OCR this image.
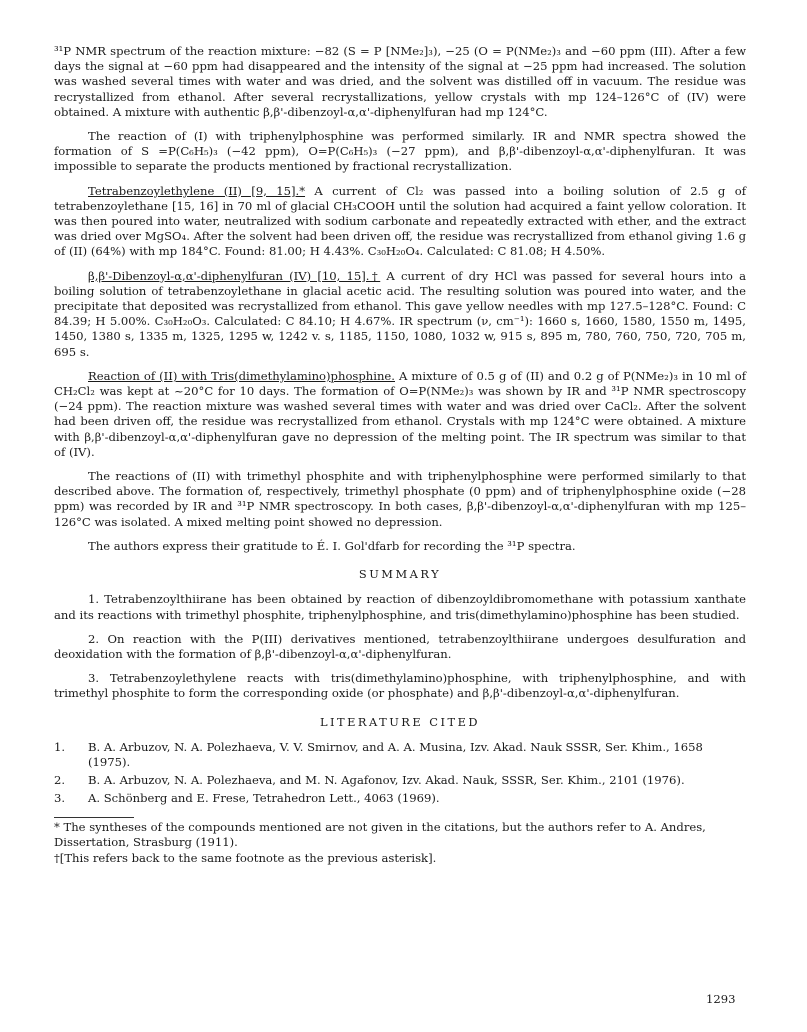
³¹P NMR spectrum of the reaction mixture: −82 (S = P [NMe₂]₃), −25 (O = P(NMe₂)₃ and −60 ppm (III). After a few days the signal at −60 ppm had disappeared and the intensity of the signal at −25 ppm had increased. The solution was washed several times with water and was dried, and the solvent was distilled off in vacuum. The residue was recrystallized from ethanol. After several recrystallizations, yellow crystals with mp 124–126°C of (IV) were obtained. A mixture with authentic β,β'-dibenzoyl-α,α'-diphenylfuran had mp 124°C.

The reaction of (I) with triphenylphosphine was performed similarly. IR and NMR spectra showed the formation of S =P(C₆H₅)₃ (−42 ppm), O=P(C₆H₅)₃ (−27 ppm), and β,β'-dibenzoyl-α,α'-diphenylfuran. It was impossible to separate the products mentioned by fractional recrystallization.

Tetrabenzoylethylene (II) [9, 15].* A current of Cl₂ was passed into a boiling solution of 2.5 g of tetrabenzoylethane [15, 16] in 70 ml of glacial CH₃COOH until the solution had acquired a faint yellow coloration. It was then poured into water, neutralized with sodium carbonate and repeatedly extracted with ether, and the extract was dried over MgSO₄. After the solvent had been driven off, the residue was recrystallized from ethanol giving 1.6 g of (II) (64%) with mp 184°C. Found: 81.00; H 4.43%. C₃₀H₂₀O₄. Calculated: C 81.08; H 4.50%.

β,β'-Dibenzoyl-α,α'-diphenylfuran (IV) [10, 15].† A current of dry HCl was passed for several hours into a boiling solution of tetrabenzoylethane in glacial acetic acid. The resulting solution was poured into water, and the precipitate that deposited was recrystallized from ethanol. This gave yellow needles with mp 127.5–128°C. Found: C 84.39; H 5.00%. C₃₀H₂₀O₃. Calculated: C 84.10; H 4.67%. IR spectrum (ν, cm⁻¹): 1660 s, 1660, 1580, 1550 m, 1495, 1450, 1380 s, 1335 m, 1325, 1295 w, 1242 v. s, 1185, 1150, 1080, 1032 w, 915 s, 895 m, 780, 760, 750, 720, 705 m, 695 s.

Reaction of (II) with Tris(dimethylamino)phosphine. A mixture of 0.5 g of (II) and 0.2 g of P(NMe₂)₃ in 10 ml of CH₂Cl₂ was kept at ~20°C for 10 days. The formation of O=P(NMe₂)₃ was shown by IR and ³¹P NMR spectroscopy (−24 ppm). The reaction mixture was washed several times with water and was dried over CaCl₂. After the solvent had been driven off, the residue was recrystallized from ethanol. Crystals with mp 124°C were obtained. A mixture with β,β'-dibenzoyl-α,α'-diphenylfuran gave no depression of the melting point. The IR spectrum was similar to that of (IV).

The reactions of (II) with trimethyl phosphite and with triphenylphosphine were performed similarly to that described above. The formation of, respectively, trimethyl phosphate (0 ppm) and of triphenylphosphine oxide (−28 ppm) was recorded by IR and ³¹P NMR spectroscopy. In both cases, β,β'-dibenzoyl-α,α'-diphenylfuran with mp 125–126°C was isolated. A mixed melting point showed no depression.

The authors express their gratitude to É. I. Gol'dfarb for recording the ³¹P spectra.

SUMMARY

1. Tetrabenzoylthiirane has been obtained by reaction of dibenzoyldibromomethane with potassium xanthate and its reactions with trimethyl phosphite, triphenylphosphine, and tris(dimethylamino)phosphine has been studied.

2. On reaction with the P(III) derivatives mentioned, tetrabenzoylthiirane undergoes desulfuration and deoxidation with the formation of β,β'-dibenzoyl-α,α'-diphenylfuran.

3. Tetrabenzoylethylene reacts with tris(dimethylamino)phosphine, with triphenylphosphine, and with trimethyl phosphite to form the corresponding oxide (or phosphate) and β,β'-dibenzoyl-α,α'-diphenylfuran.

LITERATURE CITED
1. B. A. Arbuzov, N. A. Polezhaeva, V. V. Smirnov, and A. A. Musina, Izv. Akad. Nauk SSSR, Ser. Khim., 1658 (1975).
2. B. A. Arbuzov, N. A. Polezhaeva, and M. N. Agafonov, Izv. Akad. Nauk, SSSR, Ser. Khim., 2101 (1976).
3. A. Schönberg and E. Frese, Tetrahedron Lett., 4063 (1969).
* The syntheses of the compounds mentioned are not given in the citations, but the authors refer to A. Andres, Dissertation, Strasburg (1911).
†[This refers back to the same footnote as the previous asterisk].
1293
